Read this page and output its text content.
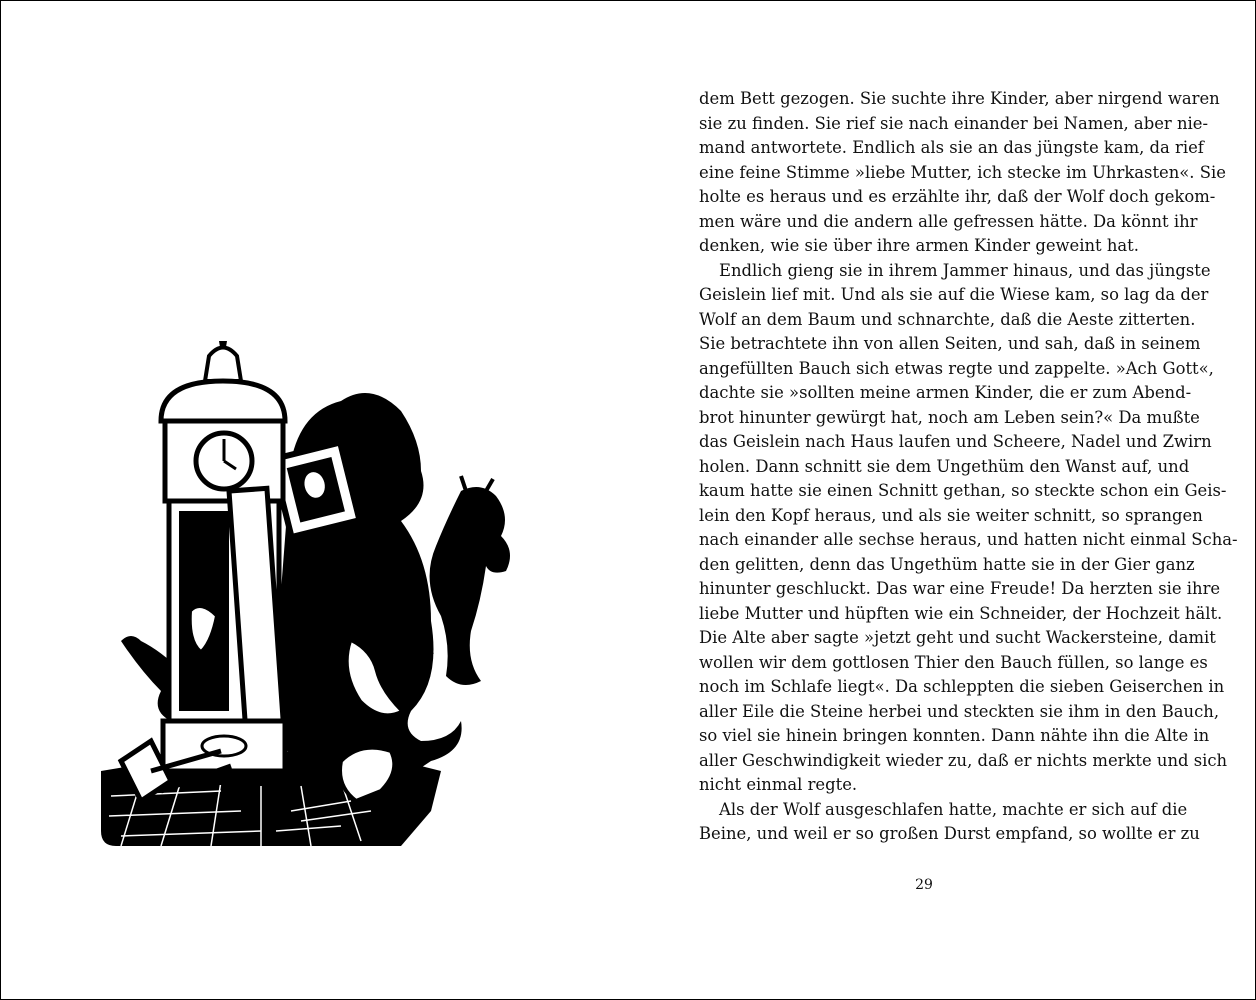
dem Bett gezogen. Sie suchte ihre Kinder, aber nirgend waren
sie zu finden. Sie rief sie nach einander bei Namen, aber nie-
mand antwortete. Endlich als sie an das jüngste kam, da rief
eine feine Stimme »liebe Mutter, ich stecke im Uhrkasten«. Sie
holte es heraus und es erzählte ihr, daß der Wolf doch gekom-
men wäre und die andern alle gefressen hätte. Da könnt ihr
denken, wie sie über ihre armen Kinder geweint hat.
Endlich gieng sie in ihrem Jammer hinaus, und das jüngste
Geislein lief mit. Und als sie auf die Wiese kam, so lag da der
Wolf an dem Baum und schnarchte, daß die Aeste zitterten.
Sie betrachtete ihn von allen Seiten, und sah, daß in seinem
angefüllten Bauch sich etwas regte und zappelte. »Ach Gott«,
dachte sie »sollten meine armen Kinder, die er zum Abend-
brot hinunter gewürgt hat, noch am Leben sein?« Da mußte
das Geislein nach Haus laufen und Scheere, Nadel und Zwirn
holen. Dann schnitt sie dem Ungethüm den Wanst auf, und
kaum hatte sie einen Schnitt gethan, so steckte schon ein Geis-
lein den Kopf heraus, und als sie weiter schnitt, so sprangen
nach einander alle sechse heraus, und hatten nicht einmal Scha-
den gelitten, denn das Ungethüm hatte sie in der Gier ganz
hinunter geschluckt. Das war eine Freude! Da herzten sie ihre
liebe Mutter und hüpften wie ein Schneider, der Hochzeit hält.
Die Alte aber sagte »jetzt geht und sucht Wackersteine, damit
wollen wir dem gottlosen Thier den Bauch füllen, so lange es
noch im Schlafe liegt«. Da schleppten die sieben Geiserchen in
aller Eile die Steine herbei und steckten sie ihm in den Bauch,
so viel sie hinein bringen konnten. Dann nähte ihn die Alte in
aller Geschwindigkeit wieder zu, daß er nichts merkte und sich
nicht einmal regte.
Als der Wolf ausgeschlafen hatte, machte er sich auf die
Beine, und weil er so großen Durst empfand, so wollte er zu
29
